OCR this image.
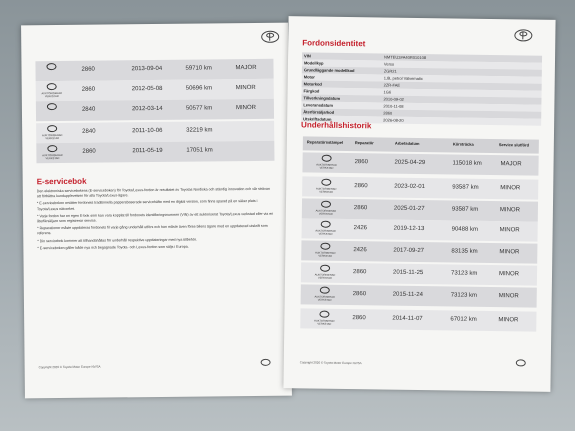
2860	2013-09-04	59710 km	MAJOR
AUKTORISERAD VERKSTAD
2860	2012-05-08	50696 km	MINOR
2840	2012-03-14	50577 km	MINOR
AUKTORISERAD VERKSTAD
2840	2011-10-06	32219 km
AUKTORISERAD VERKSTAD
2860	2011-05-19	17051 km
E-servicebok

Den elektroniska servicebokens (E-serviceboken) för Toyota/Lexus-fordon är resultatet av Toyotas Nordiska och ständig innovation och vår strävan att förbättra kundupplevelsen för alla Toyota/Lexus-ägare.

* E-serviceboken ersätter fordonets traditionella pappersbaserade servicehäfte med en digital version, som finns sparad på en säker plats i Toyota/Lexus nätverket.

* Varje fordon har en egen E-bok som kan vara kopplat till fordonets identifieringsnummer (VIN) av ett auktoriserat Toyota/Lexus verkstad eller via en återfärsäljare som registrerar service.

* Reparationer måste uppdateras fordonets fil varje gång underhåll utförs och han måste även förse bilens ägare med en uppdaterad utskrift som referens.

* Din servicebok kommer att tillhandahållas för underhåll respektive uppdateringar med nya tillbehör.

* E-serviceboken gäller både nya och begagnade Toyota- och Lexus-fordon som säljs i Europa.

Copyright 2020 © Toyota Motor Europe NV/SA
Fordonsidentitet
VIN	NMTEU3#A40R010108
Modellkyp	Verso
Grundläggande modellkod	ZGR21
Motor	1,8L petrol Valvematic
Motorkod	2ZR-FAE
Färgkod	1G6
Tillverkningsdatum	2010-09-02
Leveransdatum	2010-11-08
Återförsäljarkod	2860
Utskriftsdatum	2026-08-20
Underhållshistorik
Reparatörsstämpel	Reparatör	Arbetsdatum	Körsträcka	Service slutförd
AUKTORISERAD VERKSTAD
2860	2025-04-29	115018 km	MAJOR
AUKTORISERAD VERKSTAD
2860	2023-02-01	93587 km	MINOR
AUKTORISERAD VERKSTAD
2860	2025-01-27	93587 km	MINOR
AUKTORISERAD VERKSTAD
2426	2019-12-13	90488 km	MINOR
AUKTORISERAD VERKSTAD
2426	2017-09-27	83135 km	MINOR
AUKTORISERAD VERKSTAD
2860	2015-11-25	73123 km	MINOR
AUKTORISERAD VERKSTAD
2860	2015-11-24	73123 km	MINOR
AUKTORISERAD VERKSTAD
2860	2014-11-07	67012 km	MINOR
Copyright 2020 © Toyota Motor Europe NV/SA
